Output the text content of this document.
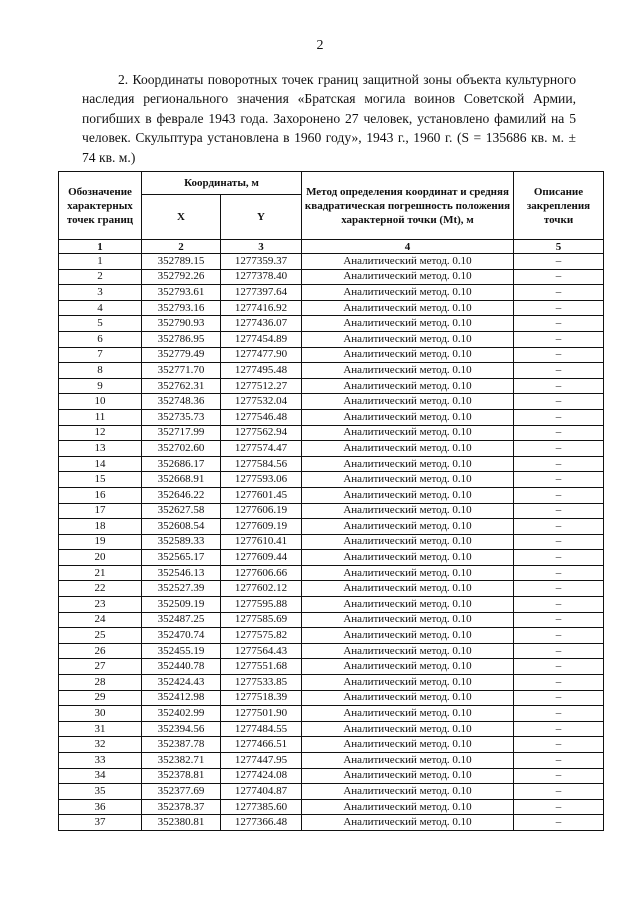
2

2. Координаты поворотных точек границ защитной зоны объекта культурного наследия регионального значения «Братская могила воинов Советской Армии, погибших в феврале 1943 года. Захоронено 27 человек, установлено фамилий на 5 человек. Скульптура установлена в 1960 году», 1943 г., 1960 г. (S = 135686 кв. м. ± 74 кв. м.)

Обозначение характерных точек границ	Координаты, м		Метод определения координат и средняя квадратическая погрешность положения характерной точки (Mt), м	Описание закрепления точки
	X	Y		
1	2	3	4	5
1	352789.15	1277359.37	Аналитический метод. 0.10	–
2	352792.26	1277378.40	Аналитический метод. 0.10	–
3	352793.61	1277397.64	Аналитический метод. 0.10	–
4	352793.16	1277416.92	Аналитический метод. 0.10	–
5	352790.93	1277436.07	Аналитический метод. 0.10	–
6	352786.95	1277454.89	Аналитический метод. 0.10	–
7	352779.49	1277477.90	Аналитический метод. 0.10	–
8	352771.70	1277495.48	Аналитический метод. 0.10	–
9	352762.31	1277512.27	Аналитический метод. 0.10	–
10	352748.36	1277532.04	Аналитический метод. 0.10	–
11	352735.73	1277546.48	Аналитический метод. 0.10	–
12	352717.99	1277562.94	Аналитический метод. 0.10	–
13	352702.60	1277574.47	Аналитический метод. 0.10	–
14	352686.17	1277584.56	Аналитический метод. 0.10	–
15	352668.91	1277593.06	Аналитический метод. 0.10	–
16	352646.22	1277601.45	Аналитический метод. 0.10	–
17	352627.58	1277606.19	Аналитический метод. 0.10	–
18	352608.54	1277609.19	Аналитический метод. 0.10	–
19	352589.33	1277610.41	Аналитический метод. 0.10	–
20	352565.17	1277609.44	Аналитический метод. 0.10	–
21	352546.13	1277606.66	Аналитический метод. 0.10	–
22	352527.39	1277602.12	Аналитический метод. 0.10	–
23	352509.19	1277595.88	Аналитический метод. 0.10	–
24	352487.25	1277585.69	Аналитический метод. 0.10	–
25	352470.74	1277575.82	Аналитический метод. 0.10	–
26	352455.19	1277564.43	Аналитический метод. 0.10	–
27	352440.78	1277551.68	Аналитический метод. 0.10	–
28	352424.43	1277533.85	Аналитический метод. 0.10	–
29	352412.98	1277518.39	Аналитический метод. 0.10	–
30	352402.99	1277501.90	Аналитический метод. 0.10	–
31	352394.56	1277484.55	Аналитический метод. 0.10	–
32	352387.78	1277466.51	Аналитический метод. 0.10	–
33	352382.71	1277447.95	Аналитический метод. 0.10	–
34	352378.81	1277424.08	Аналитический метод. 0.10	–
35	352377.69	1277404.87	Аналитический метод. 0.10	–
36	352378.37	1277385.60	Аналитический метод. 0.10	–
37	352380.81	1277366.48	Аналитический метод. 0.10	–
